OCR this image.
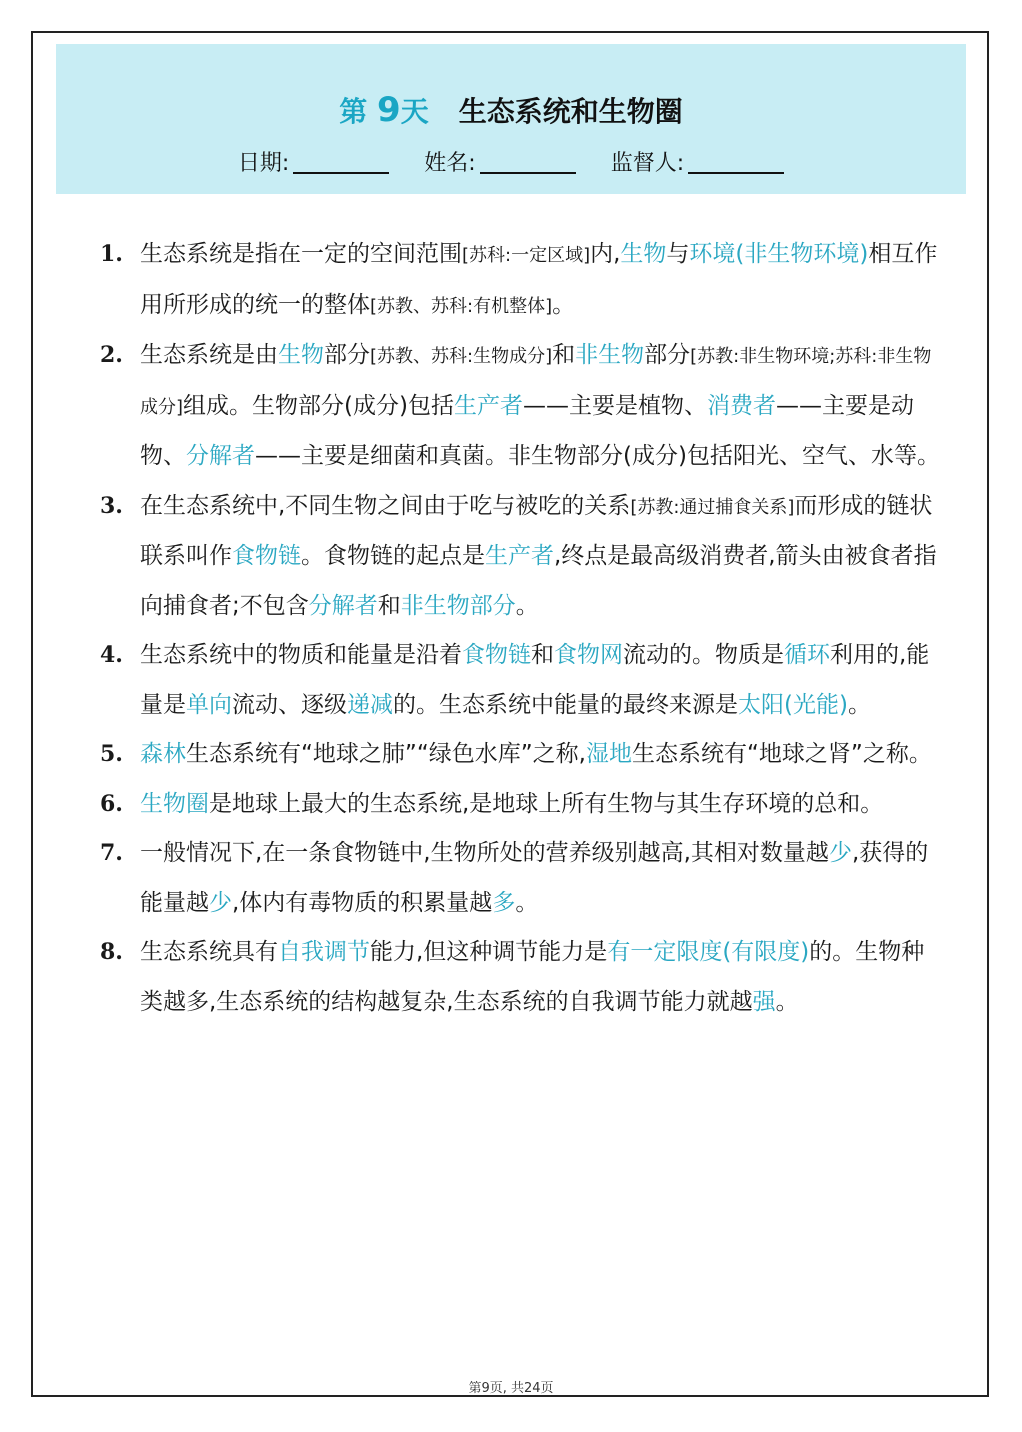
第 9天 生态系统和生物圈
日期:	姓名:	监督人:
1. 生态系统是指在一定的空间范围[苏科:一定区域]内,生物与环境(非生物环境)相互作用所形成的统一的整体[苏教、苏科:有机整体]。
2. 生态系统是由生物部分[苏教、苏科:生物成分]和非生物部分[苏教:非生物环境;苏科:非生物成分]组成。生物部分(成分)包括生产者——主要是植物、消费者——主要是动物、分解者——主要是细菌和真菌。非生物部分(成分)包括阳光、空气、水等。
3. 在生态系统中,不同生物之间由于吃与被吃的关系[苏教:通过捕食关系]而形成的链状联系叫作食物链。食物链的起点是生产者,终点是最高级消费者,箭头由被食者指向捕食者;不包含分解者和非生物部分。
4. 生态系统中的物质和能量是沿着食物链和食物网流动的。物质是循环利用的,能量是单向流动、逐级递减的。生态系统中能量的最终来源是太阳(光能)。
5. 森林生态系统有“地球之肺”“绿色水库”之称,湿地生态系统有“地球之肾”之称。
6. 生物圈是地球上最大的生态系统,是地球上所有生物与其生存环境的总和。
7. 一般情况下,在一条食物链中,生物所处的营养级别越高,其相对数量越少,获得的能量越少,体内有毒物质的积累量越多。
8. 生态系统具有自我调节能力,但这种调节能力是有一定限度(有限度)的。生物种类越多,生态系统的结构越复杂,生态系统的自我调节能力就越强。
第9页, 共24页
